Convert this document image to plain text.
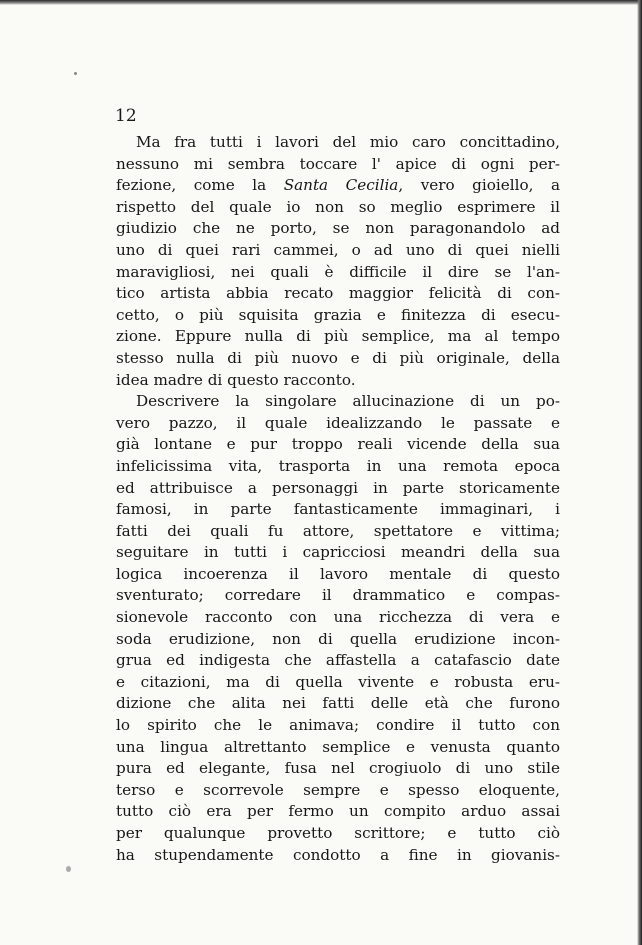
12
Ma fra tutti i lavori del mio caro concittadino,
nessuno mi sembra toccare l' apice di ogni per-
fezione, come la Santa Cecilia, vero gioiello, a
rispetto del quale io non so meglio esprimere il
giudizio che ne porto, se non paragonandolo ad
uno di quei rari cammei, o ad uno di quei nielli
maravigliosi, nei quali è difficile il dire se l'an-
tico artista abbia recato maggior felicità di con-
cetto, o più squisita grazia e finitezza di esecu-
zione. Eppure nulla di più semplice, ma al tempo
stesso nulla di più nuovo e di più originale, della
idea madre di questo racconto.
Descrivere la singolare allucinazione di un po-
vero pazzo, il quale idealizzando le passate e
già lontane e pur troppo reali vicende della sua
infelicissima vita, trasporta in una remota epoca
ed attribuisce a personaggi in parte storicamente
famosi, in parte fantasticamente immaginari, i
fatti dei quali fu attore, spettatore e vittima;
seguitare in tutti i capricciosi meandri della sua
logica incoerenza il lavoro mentale di questo
sventurato; corredare il drammatico e compas-
sionevole racconto con una ricchezza di vera e
soda erudizione, non di quella erudizione incon-
grua ed indigesta che affastella a catafascio date
e citazioni, ma di quella vivente e robusta eru-
dizione che alita nei fatti delle età che furono
lo spirito che le animava; condire il tutto con
una lingua altrettanto semplice e venusta quanto
pura ed elegante, fusa nel crogiuolo di uno stile
terso e scorrevole sempre e spesso eloquente,
tutto ciò era per fermo un compito arduo assai
per qualunque provetto scrittore; e tutto ciò
ha stupendamente condotto a fine in giovanis-
